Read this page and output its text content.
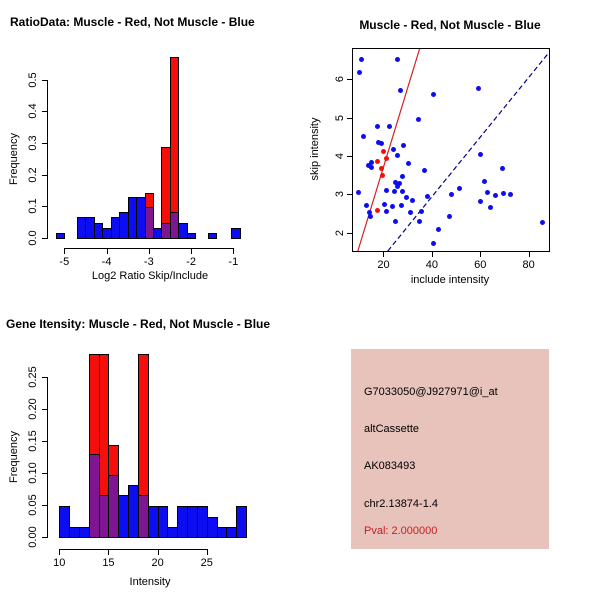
RatioData: Muscle - Red, Not Muscle - Blue
Frequency
Log2 Ratio Skip/Include
-5	-4	-3	-2	-1
0.0
0.1
0.2
0.3
0.4
0.5
Muscle - Red, Not Muscle - Blue
skip intensity
include intensity
20	40	60	80
2
3
4
5
6
Gene Itensity: Muscle - Red, Not Muscle - Blue
Frequency
Intensity
10	15	20	25
0.00
0.05
0.10
0.15
0.20
0.25
G7033050@J927971@i_at
altCassette
AK083493
chr2.13874-1.4
Pval: 2.000000
